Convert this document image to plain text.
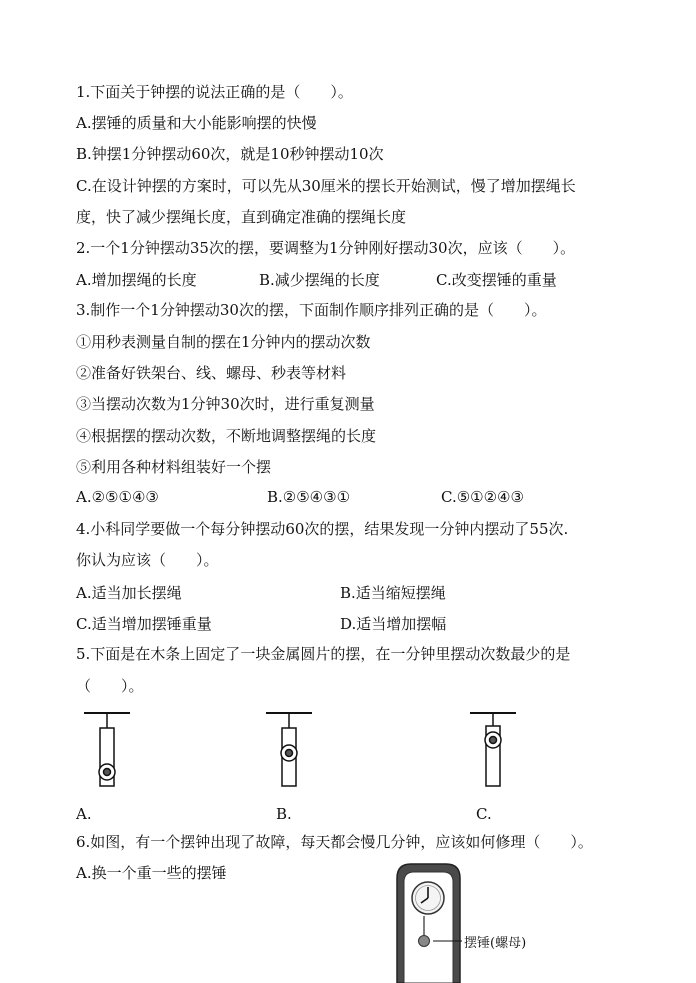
1.下面关于钟摆的说法正确的是（　　）。
A.摆锤的质量和大小能影响摆的快慢
B.钟摆1分钟摆动60次，就是10秒钟摆动10次
C.在设计钟摆的方案时，可以先从30厘米的摆长开始测试，慢了增加摆绳长
度，快了减少摆绳长度，直到确定准确的摆绳长度
2.一个1分钟摆动35次的摆，要调整为1分钟刚好摆动30次，应该（　　）。
A.增加摆绳的长度	B.减少摆绳的长度	C.改变摆锤的重量
3.制作一个1分钟摆动30次的摆，下面制作顺序排列正确的是（　　）。
①用秒表测量自制的摆在1分钟内的摆动次数
②准备好铁架台、线、螺母、秒表等材料
③当摆动次数为1分钟30次时，进行重复测量
④根据摆的摆动次数，不断地调整摆绳的长度
⑤利用各种材料组装好一个摆
A.②⑤①④③	B.②⑤④③①	C.⑤①②④③
4.小科同学要做一个每分钟摆动60次的摆，结果发现一分钟内摆动了55次.
你认为应该（　　）。
A.适当加长摆绳	B.适当缩短摆绳
C.适当增加摆锤重量	D.适当增加摆幅
5.下面是在木条上固定了一块金属圆片的摆，在一分钟里摆动次数最少的是
（　　）。
A.	B.	C.
6.如图，有一个摆钟出现了故障，每天都会慢几分钟，应该如何修理（　　）。
A.换一个重一些的摆锤
摆锤(螺母)
